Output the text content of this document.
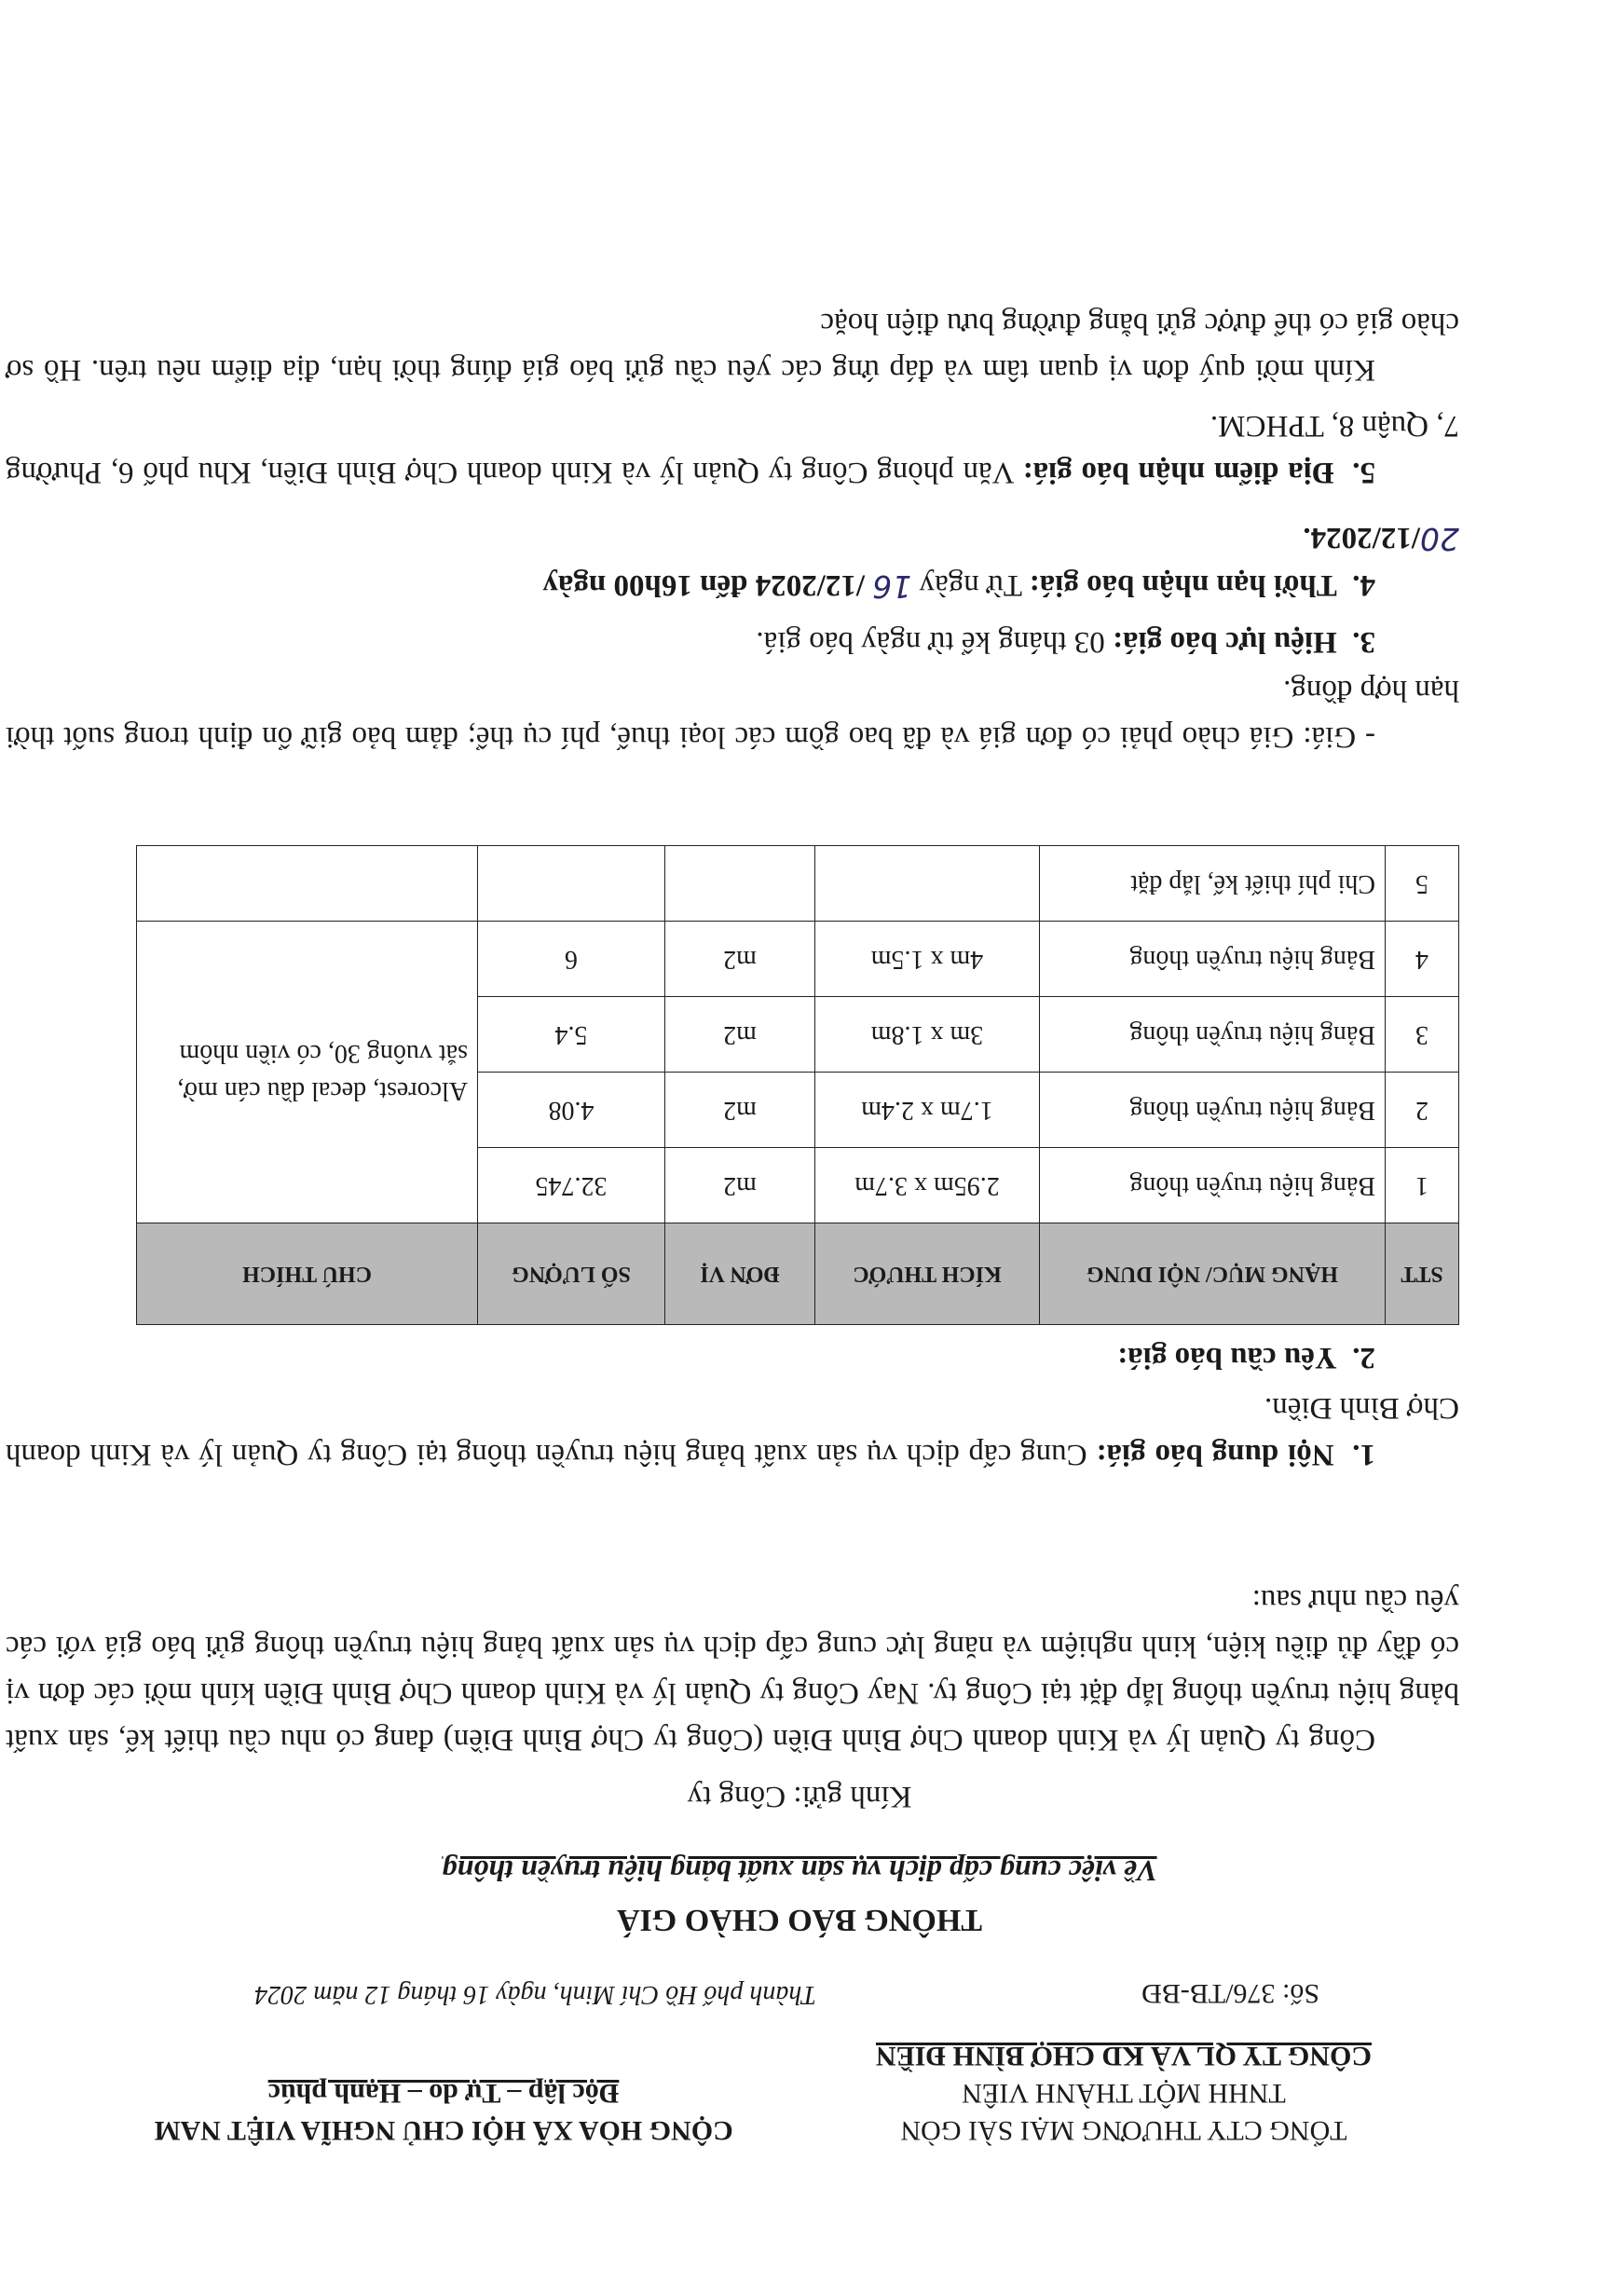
TỔNG CTY THƯƠNG MẠI SÀI GÒN
TNHH MỘT THÀNH VIÊN
CÔNG TY QL VÀ KD CHỢ BÌNH ĐIỀN
CỘNG HÒA XÃ HỘI CHỦ NGHĨA VIỆT NAM
Độc lập – Tự do – Hạnh phúc
Số: 376/TB-BĐ
Thành phố Hồ Chí Minh, ngày 16 tháng 12 năm 2024
THÔNG BÁO CHÀO GIÁ
Về việc cung cấp dịch vụ sản xuất bảng hiệu truyền thông
Kính gửi: Công ty
Công ty Quản lý và Kinh doanh Chợ Bình Điền (Công ty Chợ Bình Điền) đang có nhu cầu thiết kế, sản xuất bảng hiệu truyền thông lắp đặt tại Công ty. Nay Công ty Quản lý và Kinh doanh Chợ Bình Điền kính mời các đơn vị có đầy đủ điều kiện, kinh nghiệm và năng lực cung cấp dịch vụ sản xuất bảng hiệu truyền thông gửi báo giá với các yêu cầu như sau:
1.  Nội dung báo giá: Cung cấp dịch vụ sản xuất bảng hiệu truyền thông tại Công ty Quản lý và Kinh doanh Chợ Bình Điền.
2.  Yêu cầu báo giá:
STT	HẠNG MỤC/ NỘI DUNG	KÍCH THƯỚC	ĐƠN VỊ	SỐ LƯỢNG	CHÚ THÍCH
1	Bảng hiệu truyền thông	2.95m x 3.7m	m2	32.745	Alcorest, decal dầu cán mờ, sắt vuông 30, có viền nhôm
2	Bảng hiệu truyền thông	1.7m x 2.4m	m2	4.08	
3	Bảng hiệu truyền thông	3m x 1.8m	m2	5.4	
4	Bảng hiệu truyền thông	4m x 1.5m	m2	6	
5	Chi phí thiết kế, lắp đặt				
- Giá: Giá chào phải có đơn giá và đã bao gồm các loại thuế, phí cụ thể; đảm bảo giữ ổn định trong suốt thời hạn hợp đồng.
3.  Hiệu lực báo giá: 03 tháng kể từ ngày báo giá.
4.  Thời hạn nhận báo giá: Từ ngày 16 /12/2024 đến 16h00 ngày
20/12/2024.
5.  Địa điểm nhận báo giá: Văn phòng Công ty Quản lý và Kinh doanh Chợ Bình Điền, Khu phố 6, Phường 7, Quận 8, TPHCM.
Kính mời quý đơn vị quan tâm và đáp ứng các yêu cầu gửi báo giá đúng thời hạn, địa điểm nêu trên. Hồ sơ chào giá có thể được gửi bằng đường bưu điện hoặc
